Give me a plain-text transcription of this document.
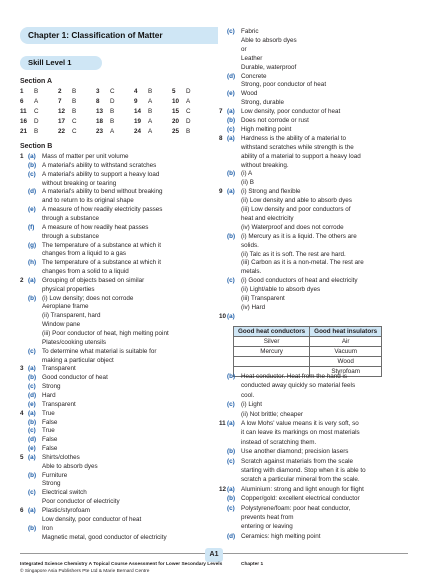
Chapter 1: Classification of Matter
Skill Level 1
Section A
1 B	2 B	3 C	4 B	5 D
6 A	7 B	8 D	9 A	10 A
11 C	12 B	13 B	14 B	15 C
16 D	17 C	18 B	19 A	20 D
21 B	22 C	23 A	24 A	25 B
Section B
1 (a) Mass of matter per unit volume
(b) A material's ability to withstand scratches
(c) A material's ability to support a heavy load
without breaking or tearing
(d) A material's ability to bend without breaking
and to return to its original shape
(e) A measure of how readily electricity passes
through a substance
(f) A measure of how readily heat passes
through a substance
(g) The temperature of a substance at which it
changes from a liquid to a gas
(h) The temperature of a substance at which it
changes from a solid to a liquid
2 (a) Grouping of objects based on similar
physical properties
(b) (i) Low density; does not corrode
Aeroplane frame
(ii) Transparent, hard
Window pane
(iii) Poor conductor of heat, high melting point
Plates/cooking utensils
(c) To determine what material is suitable for
making a particular object
3 (a) Transparent
(b) Good conductor of heat
(c) Strong
(d) Hard
(e) Transparent
4 (a) True
(b) False
(c) True
(d) False
(e) False
5 (a) Shirts/clothes
Able to absorb dyes
(b) Furniture
Strong
(c) Electrical switch
Poor conductor of electricity
6 (a) Plastic/styrofoam
Low density, poor conductor of heat
(b) Iron
Magnetic metal, good conductor of electricity
(c) Fabric
Able to absorb dyes
or
Leather
Durable, waterproof
(d) Concrete
Strong, poor conductor of heat
(e) Wood
Strong, durable
7 (a) Low density, poor conductor of heat
(b) Does not corrode or rust
(c) High melting point
8 (a) Hardness is the ability of a material to
withstand scratches while strength is the
ability of a material to support a heavy load
without breaking.
(b) (i) A
(ii) B
9 (a) (i) Strong and flexible
(ii) Low density and able to absorb dyes
(iii) Low density and poor conductors of
heat and electricity
(iv) Waterproof and does not corrode
(b) (i) Mercury as it is a liquid. The others are
solids.
(ii) Talc as it is soft. The rest are hard.
(iii) Carbon as it is a non-metal. The rest are
metals.
(c) (i) Good conductors of heat and electricity
(ii) Light/able to absorb dyes
(iii) Transparent
(iv) Hard
10 (a)
Good heat conductors	Good heat insulators
Silver	Air
Mercury	Vacuum
	Wood
	Styrofoam
(b) Heat conductor. Heat from the hand is
conducted away quickly so material feels
cool.
(c) (i) Light
(ii) Not brittle; cheaper
11 (a) A low Mohs' value means it is very soft, so
it can leave its markings on most materials
instead of scratching them.
(b) Use another diamond; precision lasers
(c) Scratch against materials from the scale
starting with diamond. Stop when it is able to
scratch a particular mineral from the scale.
12 (a) Aluminium: strong and light enough for flight
(b) Copper/gold: excellent electrical conductor
(c) Polystyrene/foam: poor heat conductor,
prevents heat from
entering or leaving
(d) Ceramics: high melting point
A1
Integrated Science Chemistry A Topical Course Assessment for Lower Secondary Levels
© Singapore Asia Publishers Pte Ltd & Marie Bernard Centre
Chapter 1
